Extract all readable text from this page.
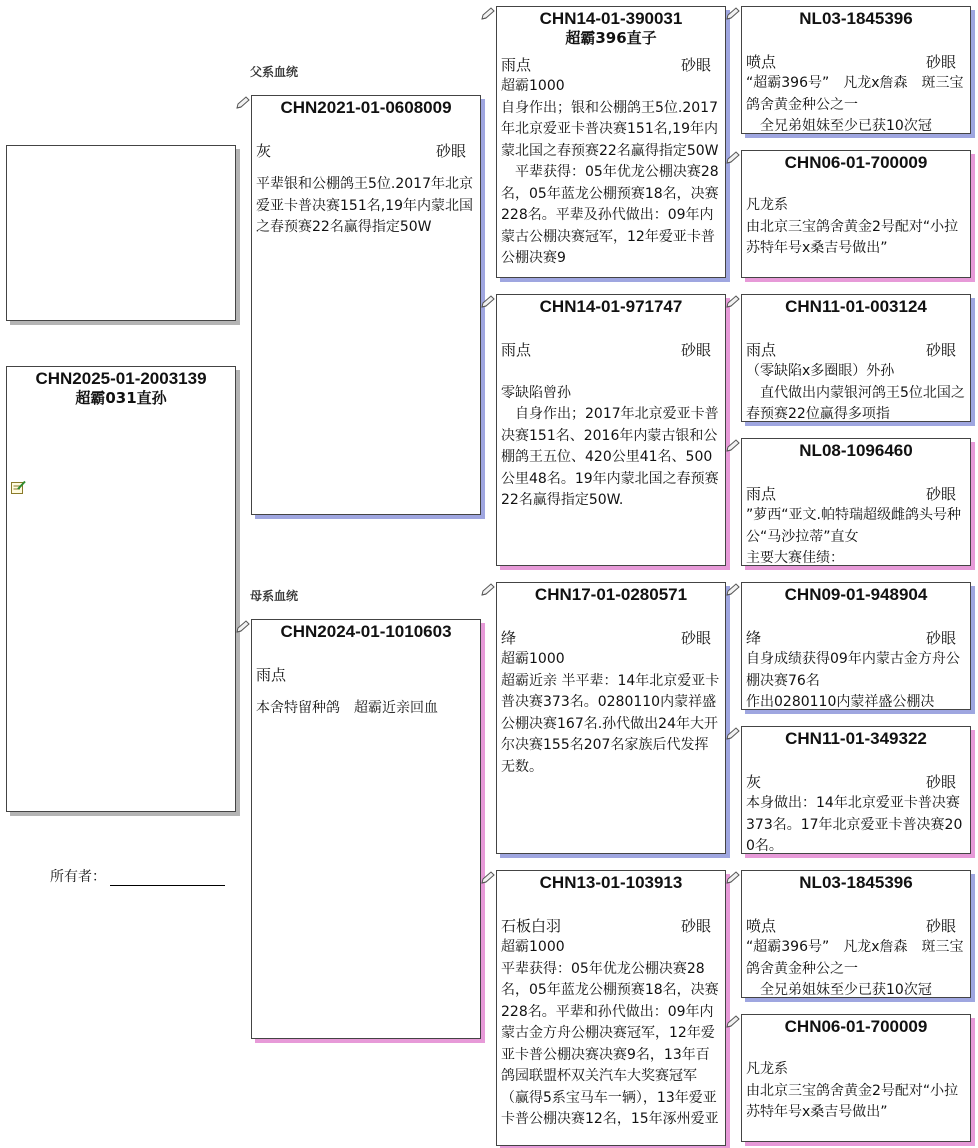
CHN2025-01-2003139
超霸031直孙
所有者：
父系血统
母系血统
CHN2021-01-0608009
灰	砂眼
平辈银和公棚鸽王5位.2017年北京爱亚卡普决赛151名,19年内蒙北国之春预赛22名赢得指定50W
CHN2024-01-1010603
雨点
本舍特留种鸽　超霸近亲回血
CHN14-01-390031
超霸396直子
雨点	砂眼
超霸1000
自身作出；银和公棚鸽王5位.2017年北京爱亚卡普决赛151名,19年内蒙北国之春预赛22名赢得指定50W
　平辈获得：05年优龙公棚决赛28名，05年蓝龙公棚预赛18名，决赛228名。平辈及孙代做出：09年内蒙古公棚决赛冠军，12年爱亚卡普公棚决赛9
CHN14-01-971747
雨点	砂眼

零缺陷曾孙
　自身作出；2017年北京爱亚卡普决赛151名、2016年内蒙古银和公棚鸽王五位、420公里41名、500公里48名。19年内蒙北国之春预赛22名赢得指定50W.
CHN17-01-0280571
绛	砂眼
超霸1000
超霸近亲 半平辈：14年北京爱亚卡普决赛373名。0280110内蒙祥盛公棚决赛167名.孙代做出24年大开尔决赛155名207名家族后代发挥无数。
CHN13-01-103913
石板白羽	砂眼
超霸1000
平辈获得：05年优龙公棚决赛28名，05年蓝龙公棚预赛18名，决赛228名。平辈和孙代做出：09年内蒙古金方舟公棚决赛冠军，12年爱亚卡普公棚决赛决赛9名，13年百鸽园联盟杯双关汽车大奖赛冠军（赢得5系宝马车一辆），13年爱亚卡普公棚决赛12名，15年涿州爱亚
NL03-1845396
喷点	砂眼
“超霸396号”　凡龙x詹森　斑三宝鸽舍黄金种公之一
　全兄弟姐妹至少已获10次冠
CHN06-01-700009
凡龙系
由北京三宝鸽舍黄金2号配对“小拉苏特年号x桑吉号做出”
CHN11-01-003124
雨点	砂眼
（零缺陷x多圈眼）外孙
　直代做出内蒙银河鸽王5位北国之春预赛22位赢得多项指
NL08-1096460
雨点	砂眼
”萝西“亚文.帕特瑞超级雌鸽头号种公“马沙拉蒂”直女
主要大赛佳绩：
CHN09-01-948904
绛	砂眼
自身成绩获得09年内蒙古金方舟公棚决赛76名
作出0280110内蒙祥盛公棚决
CHN11-01-349322
灰	砂眼
本身做出：14年北京爱亚卡普决赛373名。17年北京爱亚卡普决赛200名。
NL03-1845396
喷点	砂眼
“超霸396号”　凡龙x詹森　斑三宝鸽舍黄金种公之一
　全兄弟姐妹至少已获10次冠
CHN06-01-700009
凡龙系
由北京三宝鸽舍黄金2号配对“小拉苏特年号x桑吉号做出”
